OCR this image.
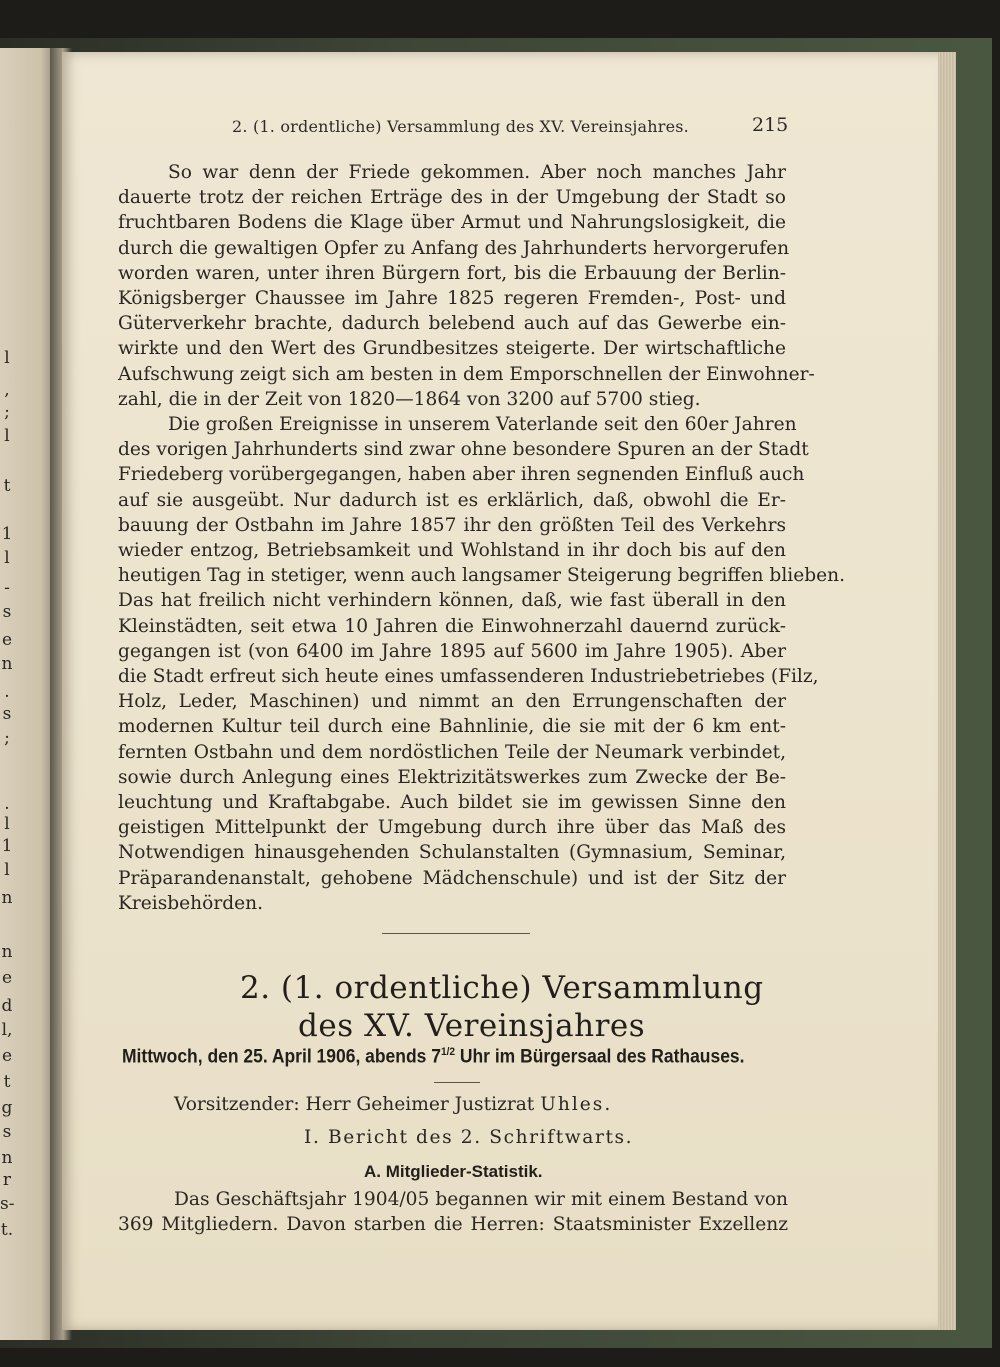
l
,
;
l
t
1
l
-
s
e
n
.
s
;
.
l
1
l
n
n
e
d
l,
e
t
g
s
n
r
s-
t.
2. (1. ordentliche) Versammlung des XV. Vereinsjahres.	215
So war denn der Friede gekommen. Aber noch manches Jahr
dauerte trotz der reichen Erträge des in der Umgebung der Stadt so
fruchtbaren Bodens die Klage über Armut und Nahrungslosigkeit, die
durch die gewaltigen Opfer zu Anfang des Jahrhunderts hervorgerufen
worden waren, unter ihren Bürgern fort, bis die Erbauung der Berlin-
Königsberger Chaussee im Jahre 1825 regeren Fremden-, Post- und
Güterverkehr brachte, dadurch belebend auch auf das Gewerbe ein-
wirkte und den Wert des Grundbesitzes steigerte. Der wirtschaftliche
Aufschwung zeigt sich am besten in dem Emporschnellen der Einwohner-
zahl, die in der Zeit von 1820—1864 von 3200 auf 5700 stieg.
Die großen Ereignisse in unserem Vaterlande seit den 60er Jahren
des vorigen Jahrhunderts sind zwar ohne besondere Spuren an der Stadt
Friedeberg vorübergegangen, haben aber ihren segnenden Einfluß auch
auf sie ausgeübt. Nur dadurch ist es erklärlich, daß, obwohl die Er-
bauung der Ostbahn im Jahre 1857 ihr den größten Teil des Verkehrs
wieder entzog, Betriebsamkeit und Wohlstand in ihr doch bis auf den
heutigen Tag in stetiger, wenn auch langsamer Steigerung begriffen blieben.
Das hat freilich nicht verhindern können, daß, wie fast überall in den
Kleinstädten, seit etwa 10 Jahren die Einwohnerzahl dauernd zurück-
gegangen ist (von 6400 im Jahre 1895 auf 5600 im Jahre 1905). Aber
die Stadt erfreut sich heute eines umfassenderen Industriebetriebes (Filz,
Holz, Leder, Maschinen) und nimmt an den Errungenschaften der
modernen Kultur teil durch eine Bahnlinie, die sie mit der 6 km ent-
fernten Ostbahn und dem nordöstlichen Teile der Neumark verbindet,
sowie durch Anlegung eines Elektrizitätswerkes zum Zwecke der Be-
leuchtung und Kraftabgabe. Auch bildet sie im gewissen Sinne den
geistigen Mittelpunkt der Umgebung durch ihre über das Maß des
Notwendigen hinausgehenden Schulanstalten (Gymnasium, Seminar,
Präparandenanstalt, gehobene Mädchenschule) und ist der Sitz der
Kreisbehörden.
2. (1. ordentliche) Versammlung
des XV. Vereinsjahres
Mittwoch, den 25. April 1906, abends $7^{1/2}$ Uhr im Bürgersaal des Rathauses.
Vorsitzender: Herr Geheimer Justizrat Uhles.
I. Bericht des 2. Schriftwarts.
A. Mitglieder-Statistik.
Das Geschäftsjahr 1904/05 begannen wir mit einem Bestand von
369 Mitgliedern. Davon starben die Herren: Staatsminister Exzellenz
